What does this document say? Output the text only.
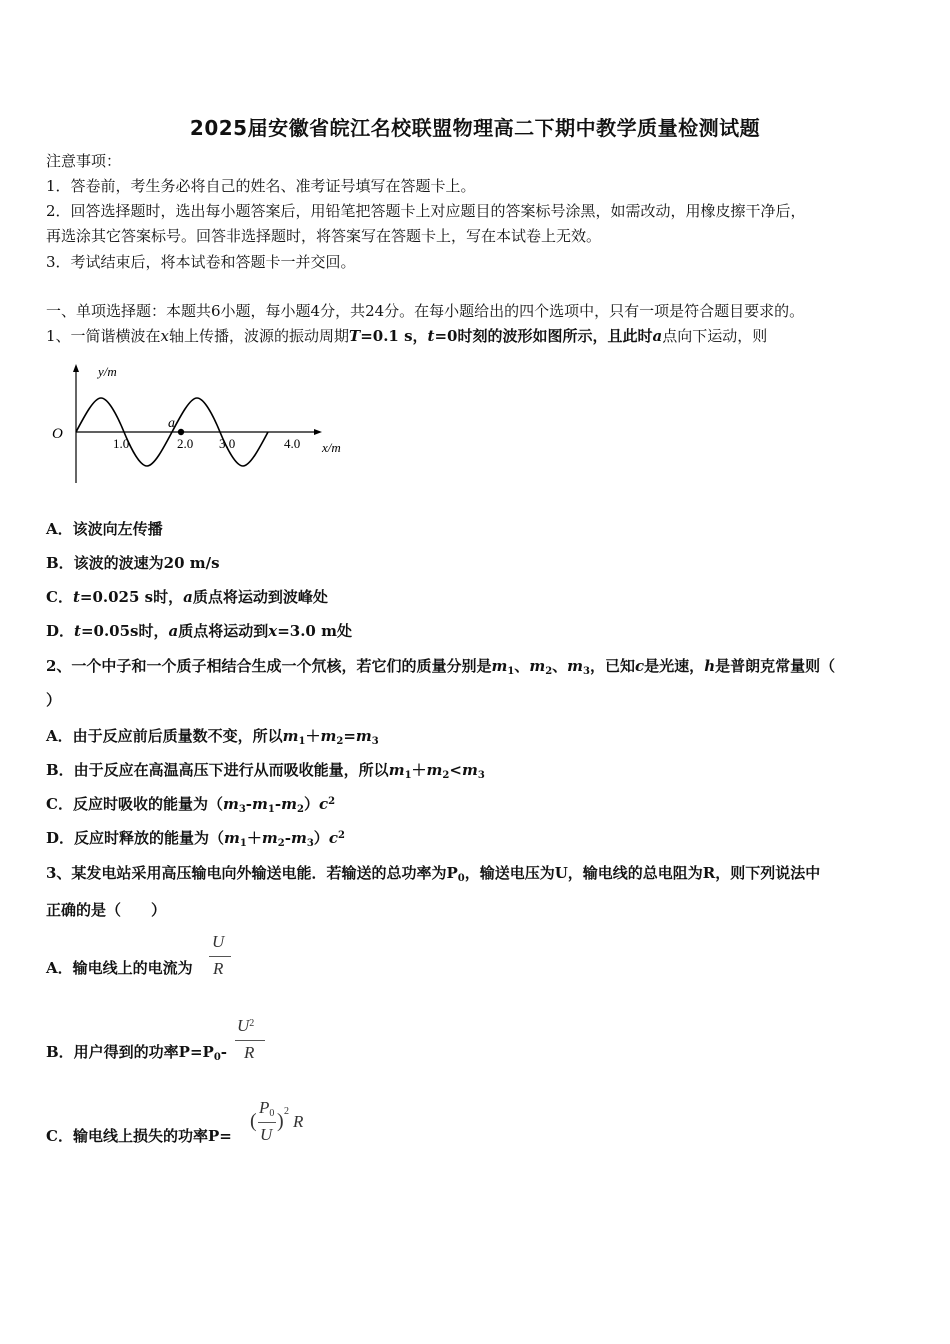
2025届安徽省皖江名校联盟物理高二下期中教学质量检测试题
注意事项：
1．答卷前，考生务必将自己的姓名、准考证号填写在答题卡上。
2．回答选择题时，选出每小题答案后，用铅笔把答题卡上对应题目的答案标号涂黑，如需改动，用橡皮擦干净后，
再选涂其它答案标号。回答非选择题时，将答案写在答题卡上，写在本试卷上无效。
3．考试结束后，将本试卷和答题卡一并交回。
一、单项选择题：本题共6小题，每小题4分，共24分。在每小题给出的四个选项中，只有一项是符合题目要求的。
1、一简谐横波在x轴上传播，波源的振动周期T=0.1 s，t=0时刻的波形如图所示，且此时a点向下运动，则
y/m
x/m
O
a
1.0	2.0 3.0	4.0
A．该波向左传播
B．该波的波速为20 m/s
C．t=0.025 s时，a质点将运动到波峰处
D．t=0.05s时，a质点将运动到x=3.0 m处
2、一个中子和一个质子相结合生成一个氘核，若它们的质量分别是$m_1$、$m_2$、$m_3$，已知c是光速，h是普朗克常量则（
）
A．由于反应前后质量数不变，所以$m_1+m_2=m_3$
B．由于反应在高温高压下进行从而吸收能量，所以$m_1+m_2<m_3$
C．反应时吸收的能量为$(m_3-m_1-m_2)c^2$
D．反应时释放的能量为$(m_1+m_2-m_3)c^2$
3、某发电站采用高压输电向外输送电能．若输送的总功率为$P_0$，输送电压为U，输电线的总电阻为R，则下列说法中
正确的是（　　）
A．输电线上的电流为
U
R
B．用户得到的功率$P=P_0-$
$U^2$
R
C．输电线上损失的功率P=
(
$P_0$
U
) 2
R
